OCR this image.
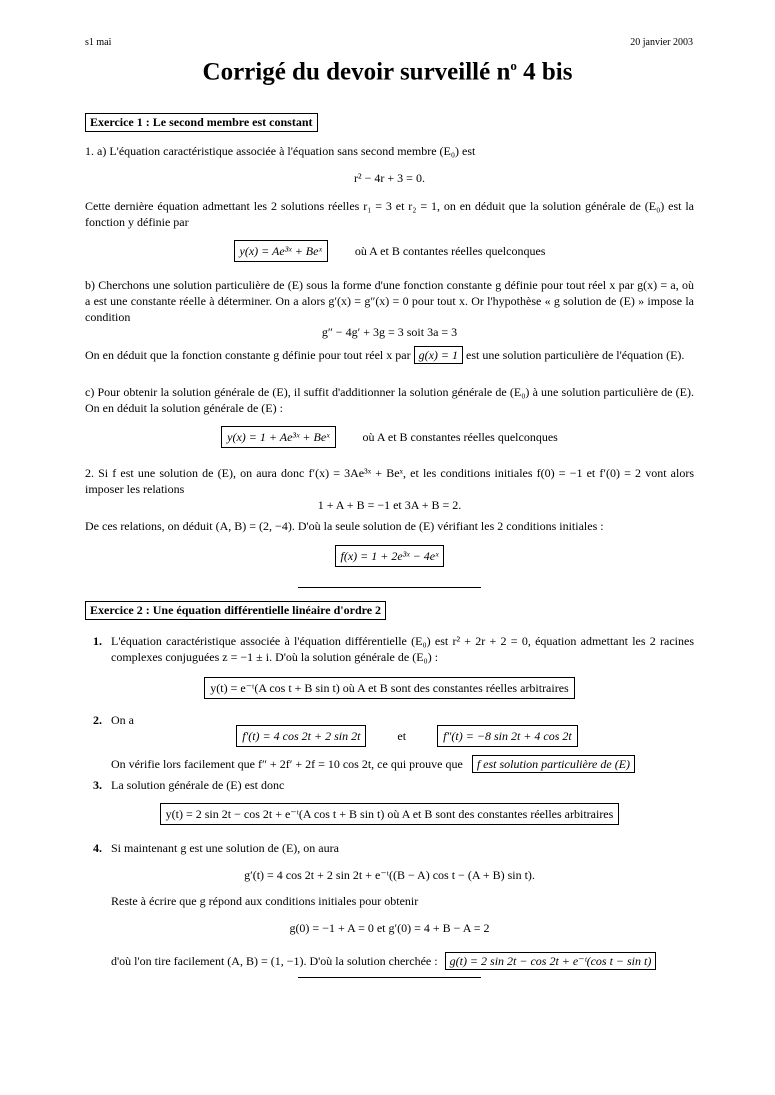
s1 mai	20 janvier 2003
Corrigé du devoir surveillé $n^o$ 4 bis
Exercice 1 : Le second membre est constant
1. a) L'équation caractéristique associée à l'équation sans second membre (E₀) est
r² − 4r + 3 = 0.
Cette dernière équation admettant les 2 solutions réelles r₁ = 3 et r₂ = 1, on en déduit que la solution générale de (E₀) est la fonction y définie par
y(x) = Ae³ˣ + Beˣ	où A et B contantes réelles quelconques
b) Cherchons une solution particulière de (E) sous la forme d'une fonction constante g définie pour tout réel x par g(x) = a, où a est une constante réelle à déterminer. On a alors g′(x) = g″(x) = 0 pour tout x. Or l'hypothèse « g solution de (E) » impose la condition
g″ − 4g′ + 3g = 3 soit 3a = 3
On en déduit que la fonction constante g définie pour tout réel x par g(x) = 1 est une solution particulière de l'équation (E).
c) Pour obtenir la solution générale de (E), il suffit d'additionner la solution générale de (E₀) à une solution particulière de (E). On en déduit la solution générale de (E) :
y(x) = 1 + Ae³ˣ + Beˣ	où A et B constantes réelles quelconques
2. Si f est une solution de (E), on aura donc f′(x) = 3Ae³ˣ + Beˣ, et les conditions initiales f(0) = −1 et f′(0) = 2 vont alors imposer les relations
1 + A + B = −1 et 3A + B = 2.
De ces relations, on déduit (A, B) = (2, −4). D'où la seule solution de (E) vérifiant les 2 conditions initiales :
f(x) = 1 + 2e³ˣ − 4eˣ
Exercice 2 : Une équation différentielle linéaire d'ordre 2
1. L'équation caractéristique associée à l'équation différentielle (E₀) est r² + 2r + 2 = 0, équation admettant les 2 racines complexes conjuguées z = −1 ± i. D'où la solution générale de (E₀) :
y(t) = e⁻ᵗ(A cos t + B sin t) où A et B sont des constantes réelles arbitraires
2. On a
f′(t) = 4 cos 2t + 2 sin 2t	et	f″(t) = −8 sin 2t + 4 cos 2t
On vérifie lors facilement que f″ + 2f′ + 2f = 10 cos 2t, ce qui prouve que f est solution particulière de (E)
3. La solution générale de (E) est donc
y(t) = 2 sin 2t − cos 2t + e⁻ᵗ(A cos t + B sin t) où A et B sont des constantes réelles arbitraires
4. Si maintenant g est une solution de (E), on aura
g′(t) = 4 cos 2t + 2 sin 2t + e⁻ᵗ((B − A) cos t − (A + B) sin t).
Reste à écrire que g répond aux conditions initiales pour obtenir
g(0) = −1 + A = 0 et g′(0) = 4 + B − A = 2
d'où l'on tire facilement (A, B) = (1, −1). D'où la solution cherchée : g(t) = 2 sin 2t − cos 2t + e⁻ᵗ(cos t − sin t)
